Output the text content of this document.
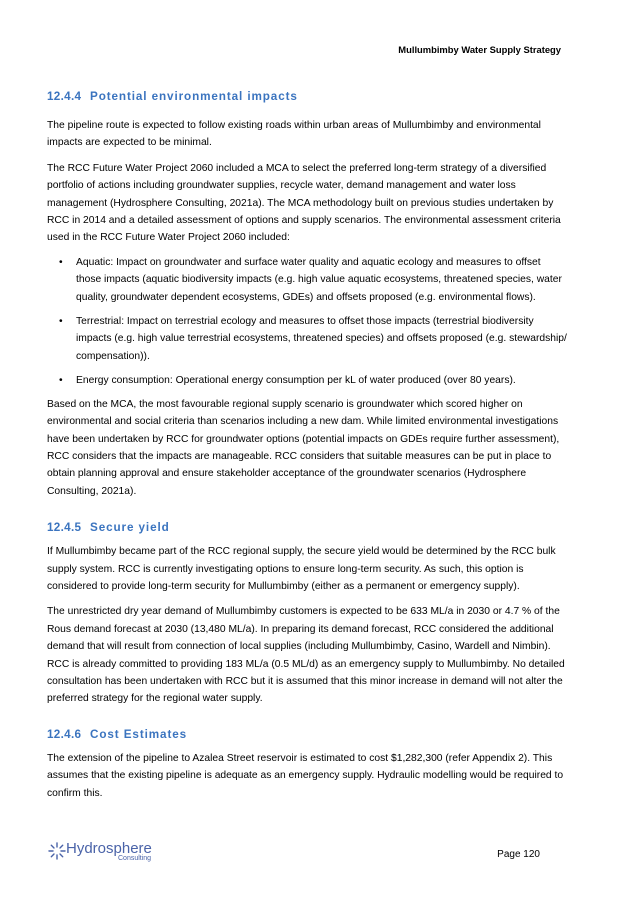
Mullumbimby Water Supply Strategy
12.4.4 Potential environmental impacts

The pipeline route is expected to follow existing roads within urban areas of Mullumbimby and environmental impacts are expected to be minimal.

The RCC Future Water Project 2060 included a MCA to select the preferred long-term strategy of a diversified portfolio of actions including groundwater supplies, recycle water, demand management and water loss management (Hydrosphere Consulting, 2021a). The MCA methodology built on previous studies undertaken by RCC in 2014 and a detailed assessment of options and supply scenarios. The environmental assessment criteria used in the RCC Future Water Project 2060 included:

• Aquatic: Impact on groundwater and surface water quality and aquatic ecology and measures to offset those impacts (aquatic biodiversity impacts (e.g. high value aquatic ecosystems, threatened species, water quality, groundwater dependent ecosystems, GDEs) and offsets proposed (e.g. environmental flows).
• Terrestrial: Impact on terrestrial ecology and measures to offset those impacts (terrestrial biodiversity impacts (e.g. high value terrestrial ecosystems, threatened species) and offsets proposed (e.g. stewardship/ compensation)).
• Energy consumption: Operational energy consumption per kL of water produced (over 80 years).

Based on the MCA, the most favourable regional supply scenario is groundwater which scored higher on environmental and social criteria than scenarios including a new dam. While limited environmental investigations have been undertaken by RCC for groundwater options (potential impacts on GDEs require further assessment), RCC considers that the impacts are manageable. RCC considers that suitable measures can be put in place to obtain planning approval and ensure stakeholder acceptance of the groundwater scenarios (Hydrosphere Consulting, 2021a).

12.4.5 Secure yield

If Mullumbimby became part of the RCC regional supply, the secure yield would be determined by the RCC bulk supply system. RCC is currently investigating options to ensure long-term security. As such, this option is considered to provide long-term security for Mullumbimby (either as a permanent or emergency supply).

The unrestricted dry year demand of Mullumbimby customers is expected to be 633 ML/a in 2030 or 4.7 % of the Rous demand forecast at 2030 (13,480 ML/a). In preparing its demand forecast, RCC considered the additional demand that will result from connection of local supplies (including Mullumbimby, Casino, Wardell and Nimbin). RCC is already committed to providing 183 ML/a (0.5 ML/d) as an emergency supply to Mullumbimby. No detailed consultation has been undertaken with RCC but it is assumed that this minor increase in demand will not alter the preferred strategy for the regional water supply.

12.4.6 Cost Estimates

The extension of the pipeline to Azalea Street reservoir is estimated to cost $1,282,300 (refer Appendix 2). This assumes that the existing pipeline is adequate as an emergency supply. Hydraulic modelling would be required to confirm this.

Hydrosphere
Consulting	Page 120
